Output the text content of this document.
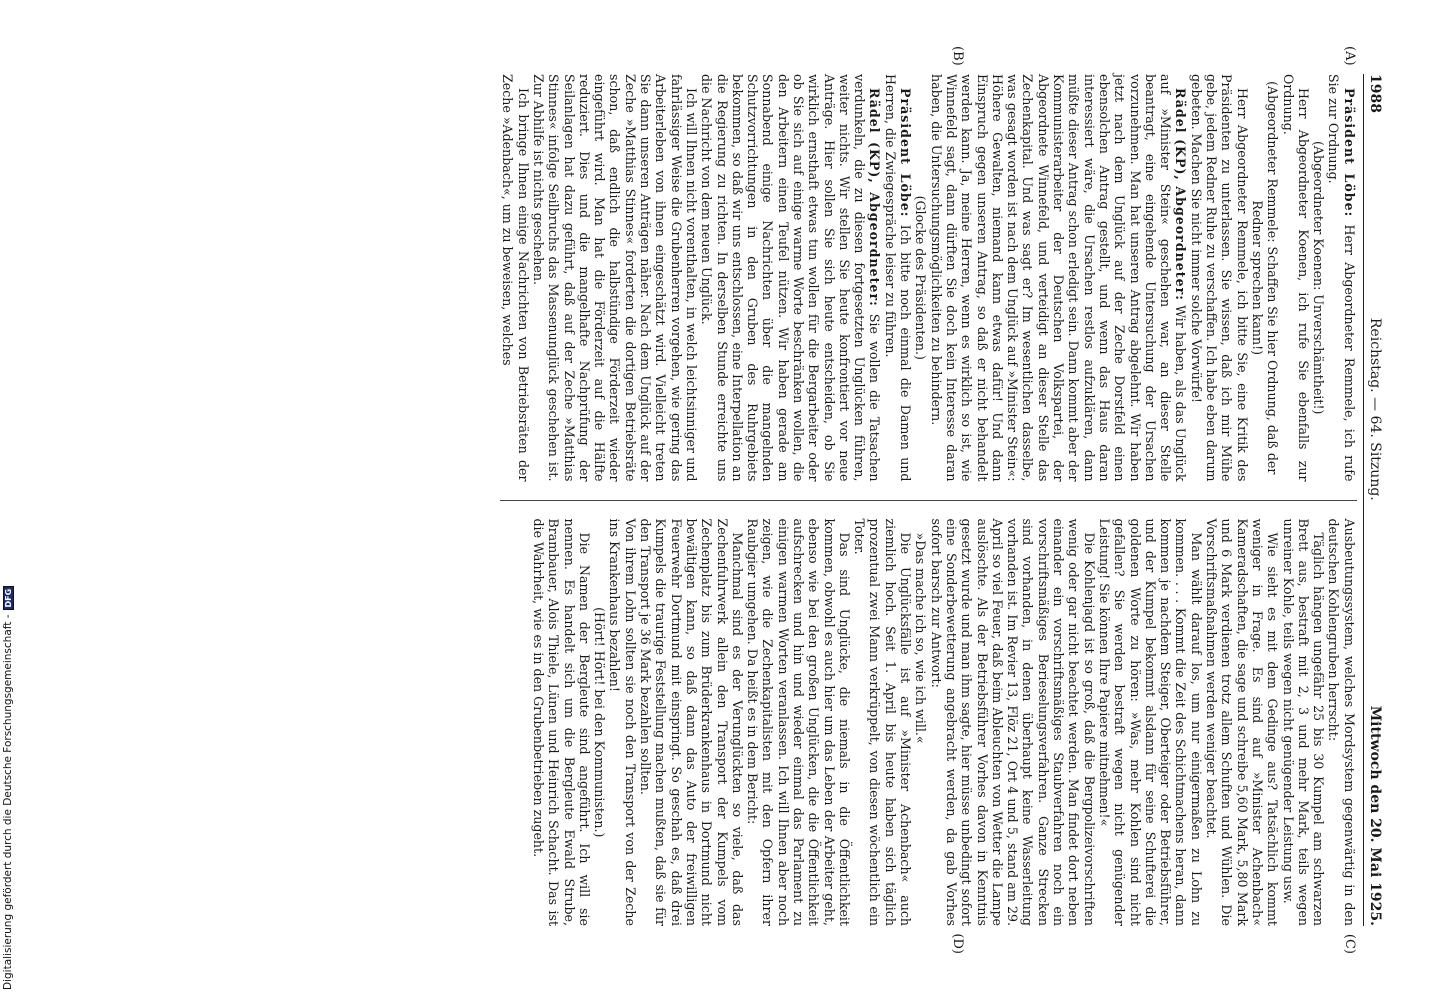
1988
Reichstag. — 64. Sitzung.
Mittwoch den 20. Mai 1925.
(A)
(B)

Präsident Löbe: Herr Abgeordneter Remmele, ich rufe Sie zur Ordnung.

(Abgeordneter Koenen: Unverschämtheit!)

Herr Abgeordneter Koenen, ich rufe Sie ebenfalls zur Ordnung.

(Abgeordneter Remmele: Schaffen Sie hier Ordnung, daß der Redner sprechen kann!)

Herr Abgeordneter Remmele, ich bitte Sie, eine Kritik des Präsidenten zu unterlassen. Sie wissen, daß ich mir Mühe gebe, jedem Redner Ruhe zu verschaffen. Ich habe eben darum gebeten. Machen Sie nicht immer solche Vorwürfe!

Rädel (KP), Abgeordneter: Wir haben, als das Unglück auf »Minister Stein« geschehen war, an dieser Stelle beantragt, eine eingehende Untersuchung der Ursachen vorzunehmen. Man hat unseren Antrag abgelehnt. Wir haben jetzt nach dem Unglück auf der Zeche Dorstfeld einen ebensolchen Antrag gestellt, und wenn das Haus daran interessiert wäre, die Ursachen restlos aufzuklären, dann müßte dieser Antrag schon erledigt sein. Dann kommt aber der Kommunisterarbeiter der Deutschen Volkspartei, der Abgeordnete Winnefeld, und verteidigt an dieser Stelle das Zechenkapital. Und was sagt er? Im wesentlichen dasselbe, was gesagt worden ist nach dem Unglück auf »Minister Stein«: Höhere Gewalten, niemand kann etwas dafür! Und dann Einspruch gegen unseren Antrag, so daß er nicht behandelt werden kann. Ja, meine Herren, wenn es wirklich so ist, wie Winnefeld sagt, dann dürften Sie doch kein Interesse daran haben, die Untersuchungsmöglichkeiten zu behindern.

(Glocke des Präsidenten.)

Präsident Löbe: Ich bitte noch einmal die Damen und Herren, die Zwiegespräche leiser zu führen.

Rädel (KP), Abgeordneter: Sie wollen die Tatsachen verdunkeln, die zu diesen fortgesetzten Unglücken führen, weiter nichts. Wir stellen Sie heute konfrontiert vor neue Anträge. Hier sollen Sie sich heute entscheiden, ob Sie wirklich ernsthaft etwas tun wollen für die Bergarbeiter oder ob Sie sich auf einige warme Worte beschränken wollen, die den Arbeitern einen Teufel nützen. Wir haben gerade am Sonnabend einige Nachrichten über die mangelnden Schutzvorrichtungen in den Gruben des Ruhrgebiets bekommen, so daß wir uns entschlossen, eine Interpellation an die Regierung zu richten. In derselben Stunde erreichte uns die Nachricht von dem neuen Unglück.

Ich will Ihnen nicht vorenthalten, in welch leichtsinniger und fahrlässiger Weise die Grubenherren vorgehen, wie gering das Arbeiterleben von ihnen eingeschätzt wird. Vielleicht treten Sie dann unseren Anträgen näher. Nach dem Unglück auf der Zeche »Matthias Stinnes« forderten die dortigen Betriebsräte schon, daß endlich die halbstündige Förderzeit wieder eingeführt wird. Man hat die Förderzeit auf die Hälfte reduziert. Dies und die mangelhafte Nachprüfung der Seilanlagen hat dazu geführt, daß auf der Zeche »Matthias Stinnes« infolge Seilbruchs das Massenunglück geschehen ist. Zur Abhilfe ist nichts geschehen.

Ich bringe Ihnen einige Nachrichten von Betriebsräten der Zeche »Adenbach«, um zu beweisen, welches

(C)
(D)

Ausbeutungssystem, welches Mordsystem gegenwärtig in den deutschen Kohlengruben herrscht:

Täglich hängen ungefähr 25 bis 30 Kumpel am schwarzen Brett aus, bestraft mit 2, 3 und mehr Mark, teils wegen unreiner Kohle, teils wegen nicht genügender Leistung usw.

Wie sieht es mit dem Gedinge aus? Tatsächlich kommt weniger in Frage. Es sind auf »Minister Achenbach« Kameradschaften, die sage und schreibe 5,60 Mark, 5,80 Mark und 6 Mark verdienen trotz allem Schuften und Wühlen. Die Vorschriftsmaßnahmen werden weniger beachtet.

Man wählt darauf los, um nur einigermaßen zu Lohn zu kommen. . . . Kommt die Zeit des Schichtmachens heran, dann kommen je nachdem Steiger, Oberteiger oder Betriebsführer, und der Kumpel bekommt alsdann für seine Schufterei die goldenen Worte zu hören: »Was, mehr Kohlen sind nicht gefallen? Sie werden bestraft wegen nicht genügender Leistung! Sie können Ihre Papiere mitnehmen!«

Die Kohlenjagd ist so groß, daß die Bergpolizeivorschriften wenig oder gar nicht beachtet werden. Man findet dort neben einander ein vorschriftsmäßiges Staubverfahren noch ein vorschriftsmäßiges Berieselungsverfahren. Ganze Strecken sind vorhanden, in denen überhaupt keine Wasserleitung vorhanden ist. Im Revier 13, Flöz 21, Ort 4 und 5, stand am 29. April so viel Feuer, daß beim Ableuchten von Wetter die Lampe auslöschte. Als der Betriebsführer Vorhes davon in Kenntnis gesetzt wurde und man ihm sagte, hier müsse unbedingt sofort eine Sonderbewetterung angebracht werden, da gab Vorhes sofort barsch zur Antwort:

»Das mache ich so, wie ich will.«

Die Unglücksfälle ist auf »Minister Achenbach« auch ziemlich hoch. Seit 1. April bis heute haben sich täglich prozentual zwei Mann verkrüppelt, von diesen wöchentlich ein Toter.

Das sind Unglücke, die niemals in die Öffentlichkeit kommen, obwohl es auch hier um das Leben der Arbeiter geht, ebenso wie bei den großen Unglücken, die die Öffentlichkeit aufschrecken und hin und wieder einmal das Parlament zu einigen warmen Worten veranlassen. Ich will Ihnen aber noch zeigen, wie die Zechenkapitalisten mit den Opfern ihrer Raubgier umgehen. Da heißt es in dem Bericht:

Manchmal sind es der Verunglückten so viele, daß das Zechenfuhrwerk allein den Transport der Kumpels vom Zechenplatz bis zum Brüderkrankenhaus in Dortmund nicht bewältigen kann, so daß dann das Auto der freiwilligen Feuerwehr Dortmund mit einspringt. So geschah es, daß drei Kumpels die traurige Feststellung machen mußten, daß sie für den Transport je 36 Mark bezahlen sollten.

Von ihrem Lohn sollten sie noch den Transport von der Zeche ins Krankenhaus bezahlen!

(Hört! Hört! bei den Kommunisten.)

Die Namen der Bergleute sind angeführt. Ich will sie nennen. Es handelt sich um die Bergleute Ewald Strube, Brambauer, Alois Thiele, Lünen und Heinrich Schacht. Das ist die Wahrheit, wie es in den Grubenbetrieben zugeht.

Digitalisierung gefördert durch die Deutsche Forschungsgemeinschaft -DFG
